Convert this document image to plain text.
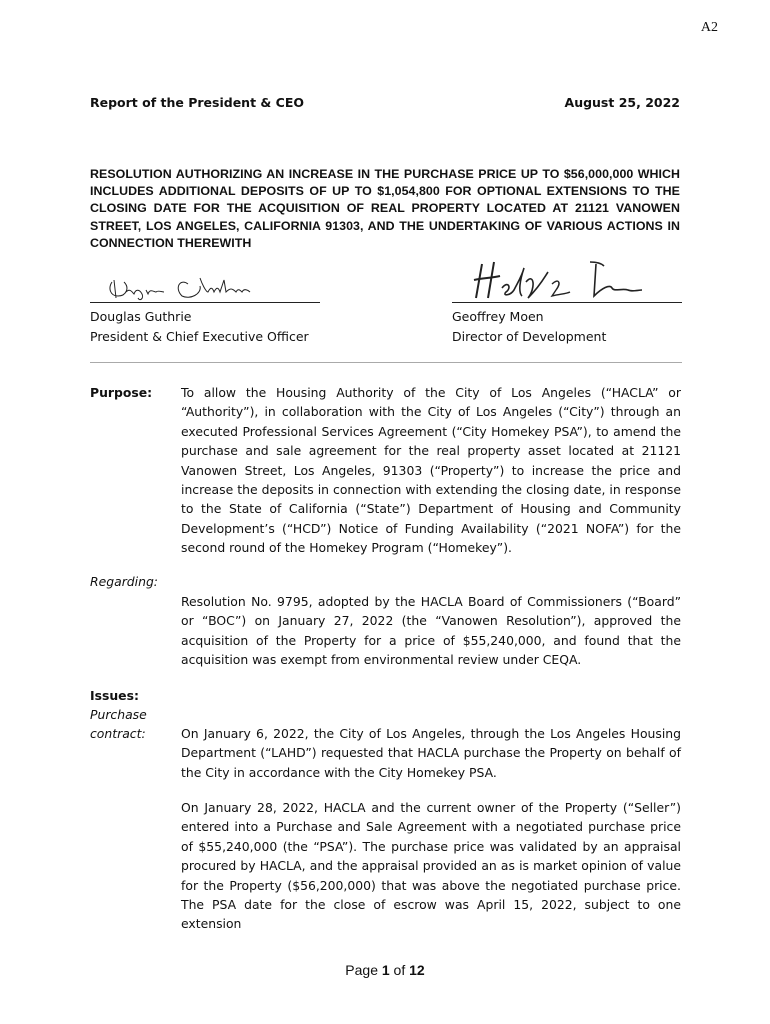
A2
Report of the President & CEO	August 25, 2022
RESOLUTION AUTHORIZING AN INCREASE IN THE PURCHASE PRICE UP TO $56,000,000 WHICH INCLUDES ADDITIONAL DEPOSITS OF UP TO $1,054,800 FOR OPTIONAL EXTENSIONS TO THE CLOSING DATE FOR THE ACQUISITION OF REAL PROPERTY LOCATED AT 21121 VANOWEN STREET, LOS ANGELES, CALIFORNIA 91303, AND THE UNDERTAKING OF VARIOUS ACTIONS IN CONNECTION THEREWITH
Douglas Guthrie
President & Chief Executive Officer
Geoffrey Moen
Director of Development
Purpose:	To allow the Housing Authority of the City of Los Angeles (“HACLA” or “Authority”), in collaboration with the City of Los Angeles (“City”) through an executed Professional Services Agreement (“City Homekey PSA”), to amend the purchase and sale agreement for the real property asset located at 21121 Vanowen Street, Los Angeles, 91303 (“Property”) to increase the price and increase the deposits in connection with extending the closing date, in response to the State of California (“State”) Department of Housing and Community Development’s (“HCD”) Notice of Funding Availability (“2021 NOFA”) for the second round of the Homekey Program (“Homekey”).
Regarding:
Resolution No. 9795, adopted by the HACLA Board of Commissioners (“Board” or “BOC”) on January 27, 2022 (the “Vanowen Resolution”), approved the acquisition of the Property for a price of $55,240,000, and found that the acquisition was exempt from environmental review under CEQA.
Issues:
Purchase
contract:	On January 6, 2022, the City of Los Angeles, through the Los Angeles Housing Department (“LAHD”) requested that HACLA purchase the Property on behalf of the City in accordance with the City Homekey PSA.
On January 28, 2022, HACLA and the current owner of the Property (“Seller”) entered into a Purchase and Sale Agreement with a negotiated purchase price of $55,240,000 (the “PSA”). The purchase price was validated by an appraisal procured by HACLA, and the appraisal provided an as is market opinion of value for the Property ($56,200,000) that was above the negotiated purchase price. The PSA date for the close of escrow was April 15, 2022, subject to one extension
Page 1 of 12
